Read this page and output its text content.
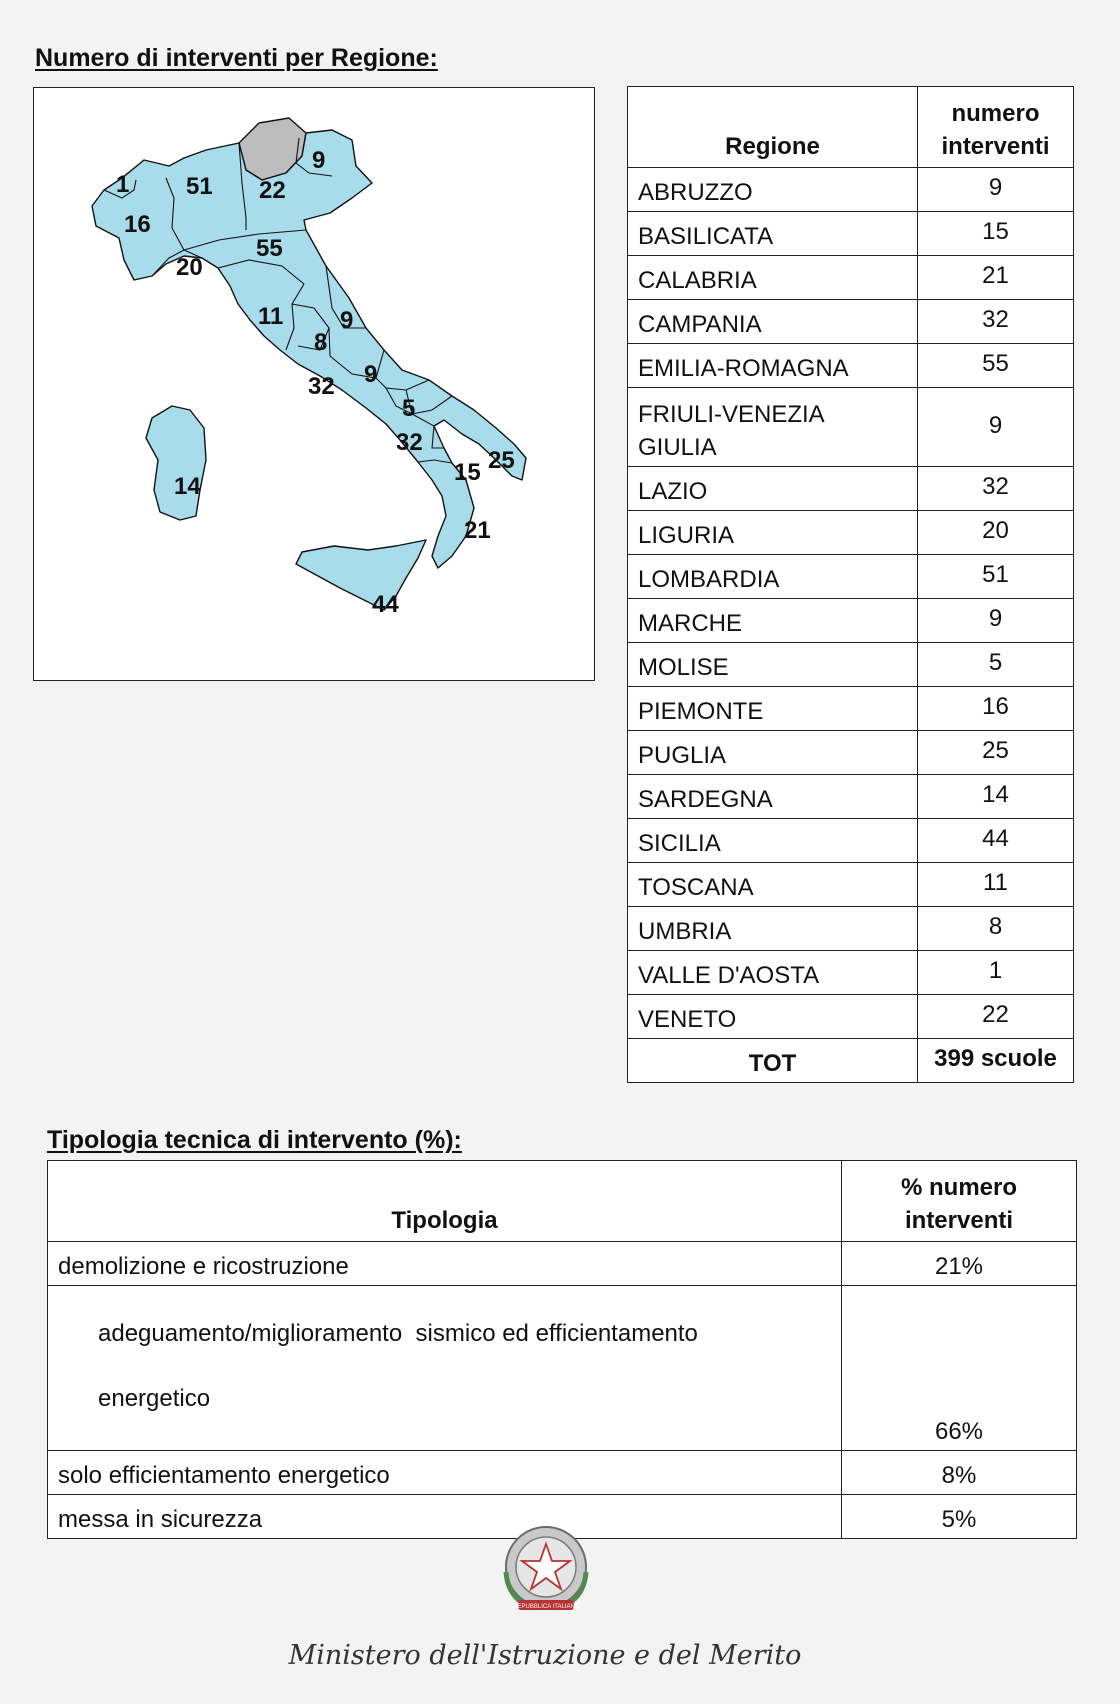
Numero di interventi per Regione:
1 51
9
22
16
20
55
11 9
8
9
32
5
32
25
15
14
21
44
Regione	numero
interventi
ABRUZZO	9
BASILICATA	15
CALABRIA	21
CAMPANIA	32
EMILIA-ROMAGNA	55
FRIULI-VENEZIA
GIULIA	9
LAZIO	32
LIGURIA	20
LOMBARDIA	51
MARCHE	9
MOLISE	5
PIEMONTE	16
PUGLIA	25
SARDEGNA	14
SICILIA	44
TOSCANA	11
UMBRIA	8
VALLE D'AOSTA	1
VENETO	22
TOT	399 scuole
Tipologia tecnica di intervento (%):
Tipologia	% numero
interventi
demolizione e ricostruzione	21%

adeguamento/miglioramento  sismico ed efficientamento

energetico	66%
solo efficientamento energetico	8%
messa in sicurezza	5%
REPUBBLICA ITALIANA
Ministero dell'Istruzione e del Merito
